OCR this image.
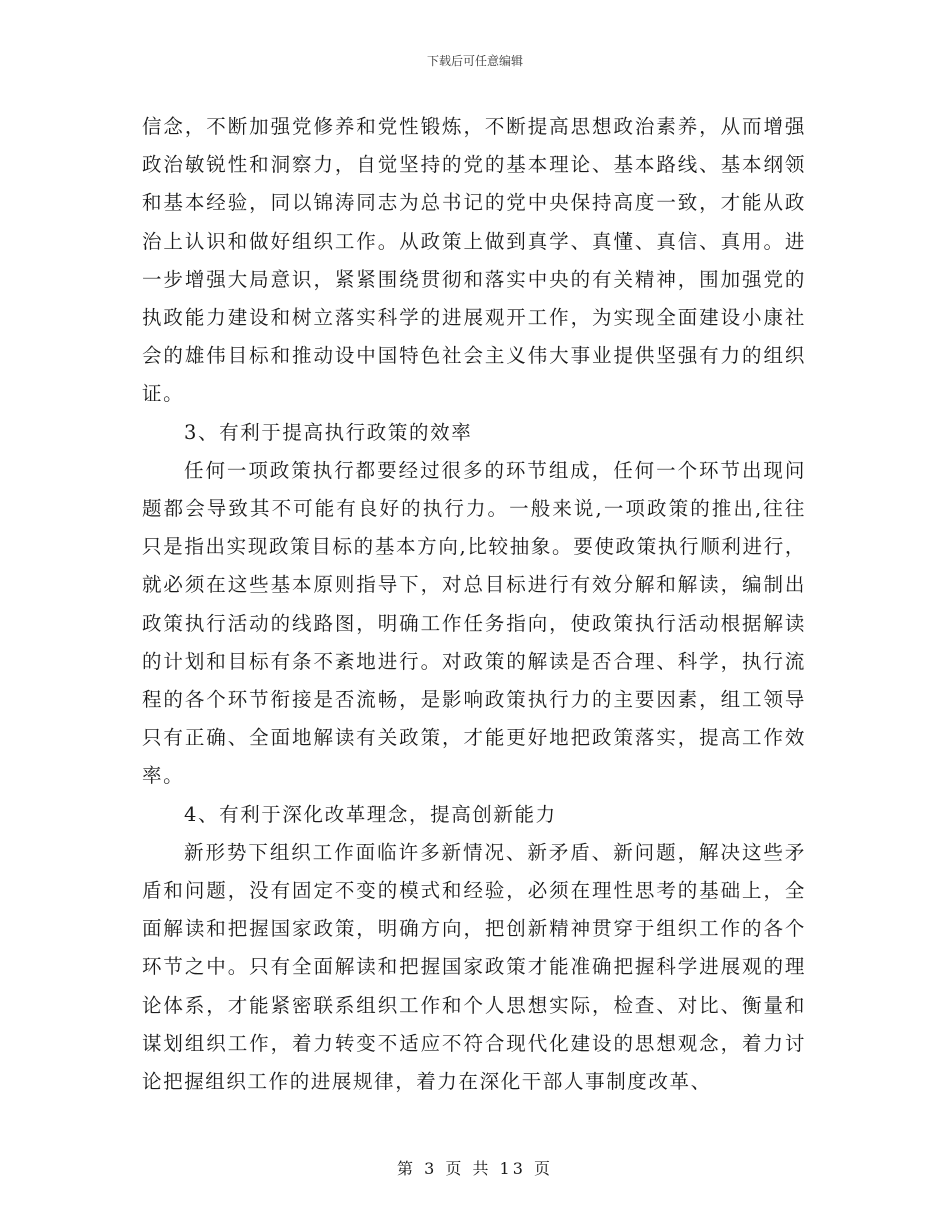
下载后可任意编辑

信念，不断加强党修养和党性锻炼，不断提高思想政治素养，从而增强政治敏锐性和洞察力，自觉坚持的党的基本理论、基本路线、基本纲领和基本经验，同以锦涛同志为总书记的党中央保持高度一致，才能从政治上认识和做好组织工作。从政策上做到真学、真懂、真信、真用。进一步增强大局意识，紧紧围绕贯彻和落实中央的有关精神，围加强党的执政能力建设和树立落实科学的进展观开工作，为实现全面建设小康社会的雄伟目标和推动设中国特色社会主义伟大事业提供坚强有力的组织证。

3、有利于提高执行政策的效率

任何一项政策执行都要经过很多的环节组成，任何一个环节出现问题都会导致其不可能有良好的执行力。一般来说,一项政策的推出,往往只是指出实现政策目标的基本方向,比较抽象。要使政策执行顺利进行，就必须在这些基本原则指导下，对总目标进行有效分解和解读，编制出政策执行活动的线路图，明确工作任务指向，使政策执行活动根据解读的计划和目标有条不紊地进行。对政策的解读是否合理、科学，执行流程的各个环节衔接是否流畅，是影响政策执行力的主要因素，组工领导只有正确、全面地解读有关政策，才能更好地把政策落实，提高工作效率。

4、有利于深化改革理念，提高创新能力

新形势下组织工作面临许多新情况、新矛盾、新问题，解决这些矛盾和问题，没有固定不变的模式和经验，必须在理性思考的基础上，全面解读和把握国家政策，明确方向，把创新精神贯穿于组织工作的各个环节之中。只有全面解读和把握国家政策才能准确把握科学进展观的理论体系，才能紧密联系组织工作和个人思想实际，检查、对比、衡量和谋划组织工作，着力转变不适应不符合现代化建设的思想观念，着力讨论把握组织工作的进展规律，着力在深化干部人事制度改革、

第 3 页 共 13 页
